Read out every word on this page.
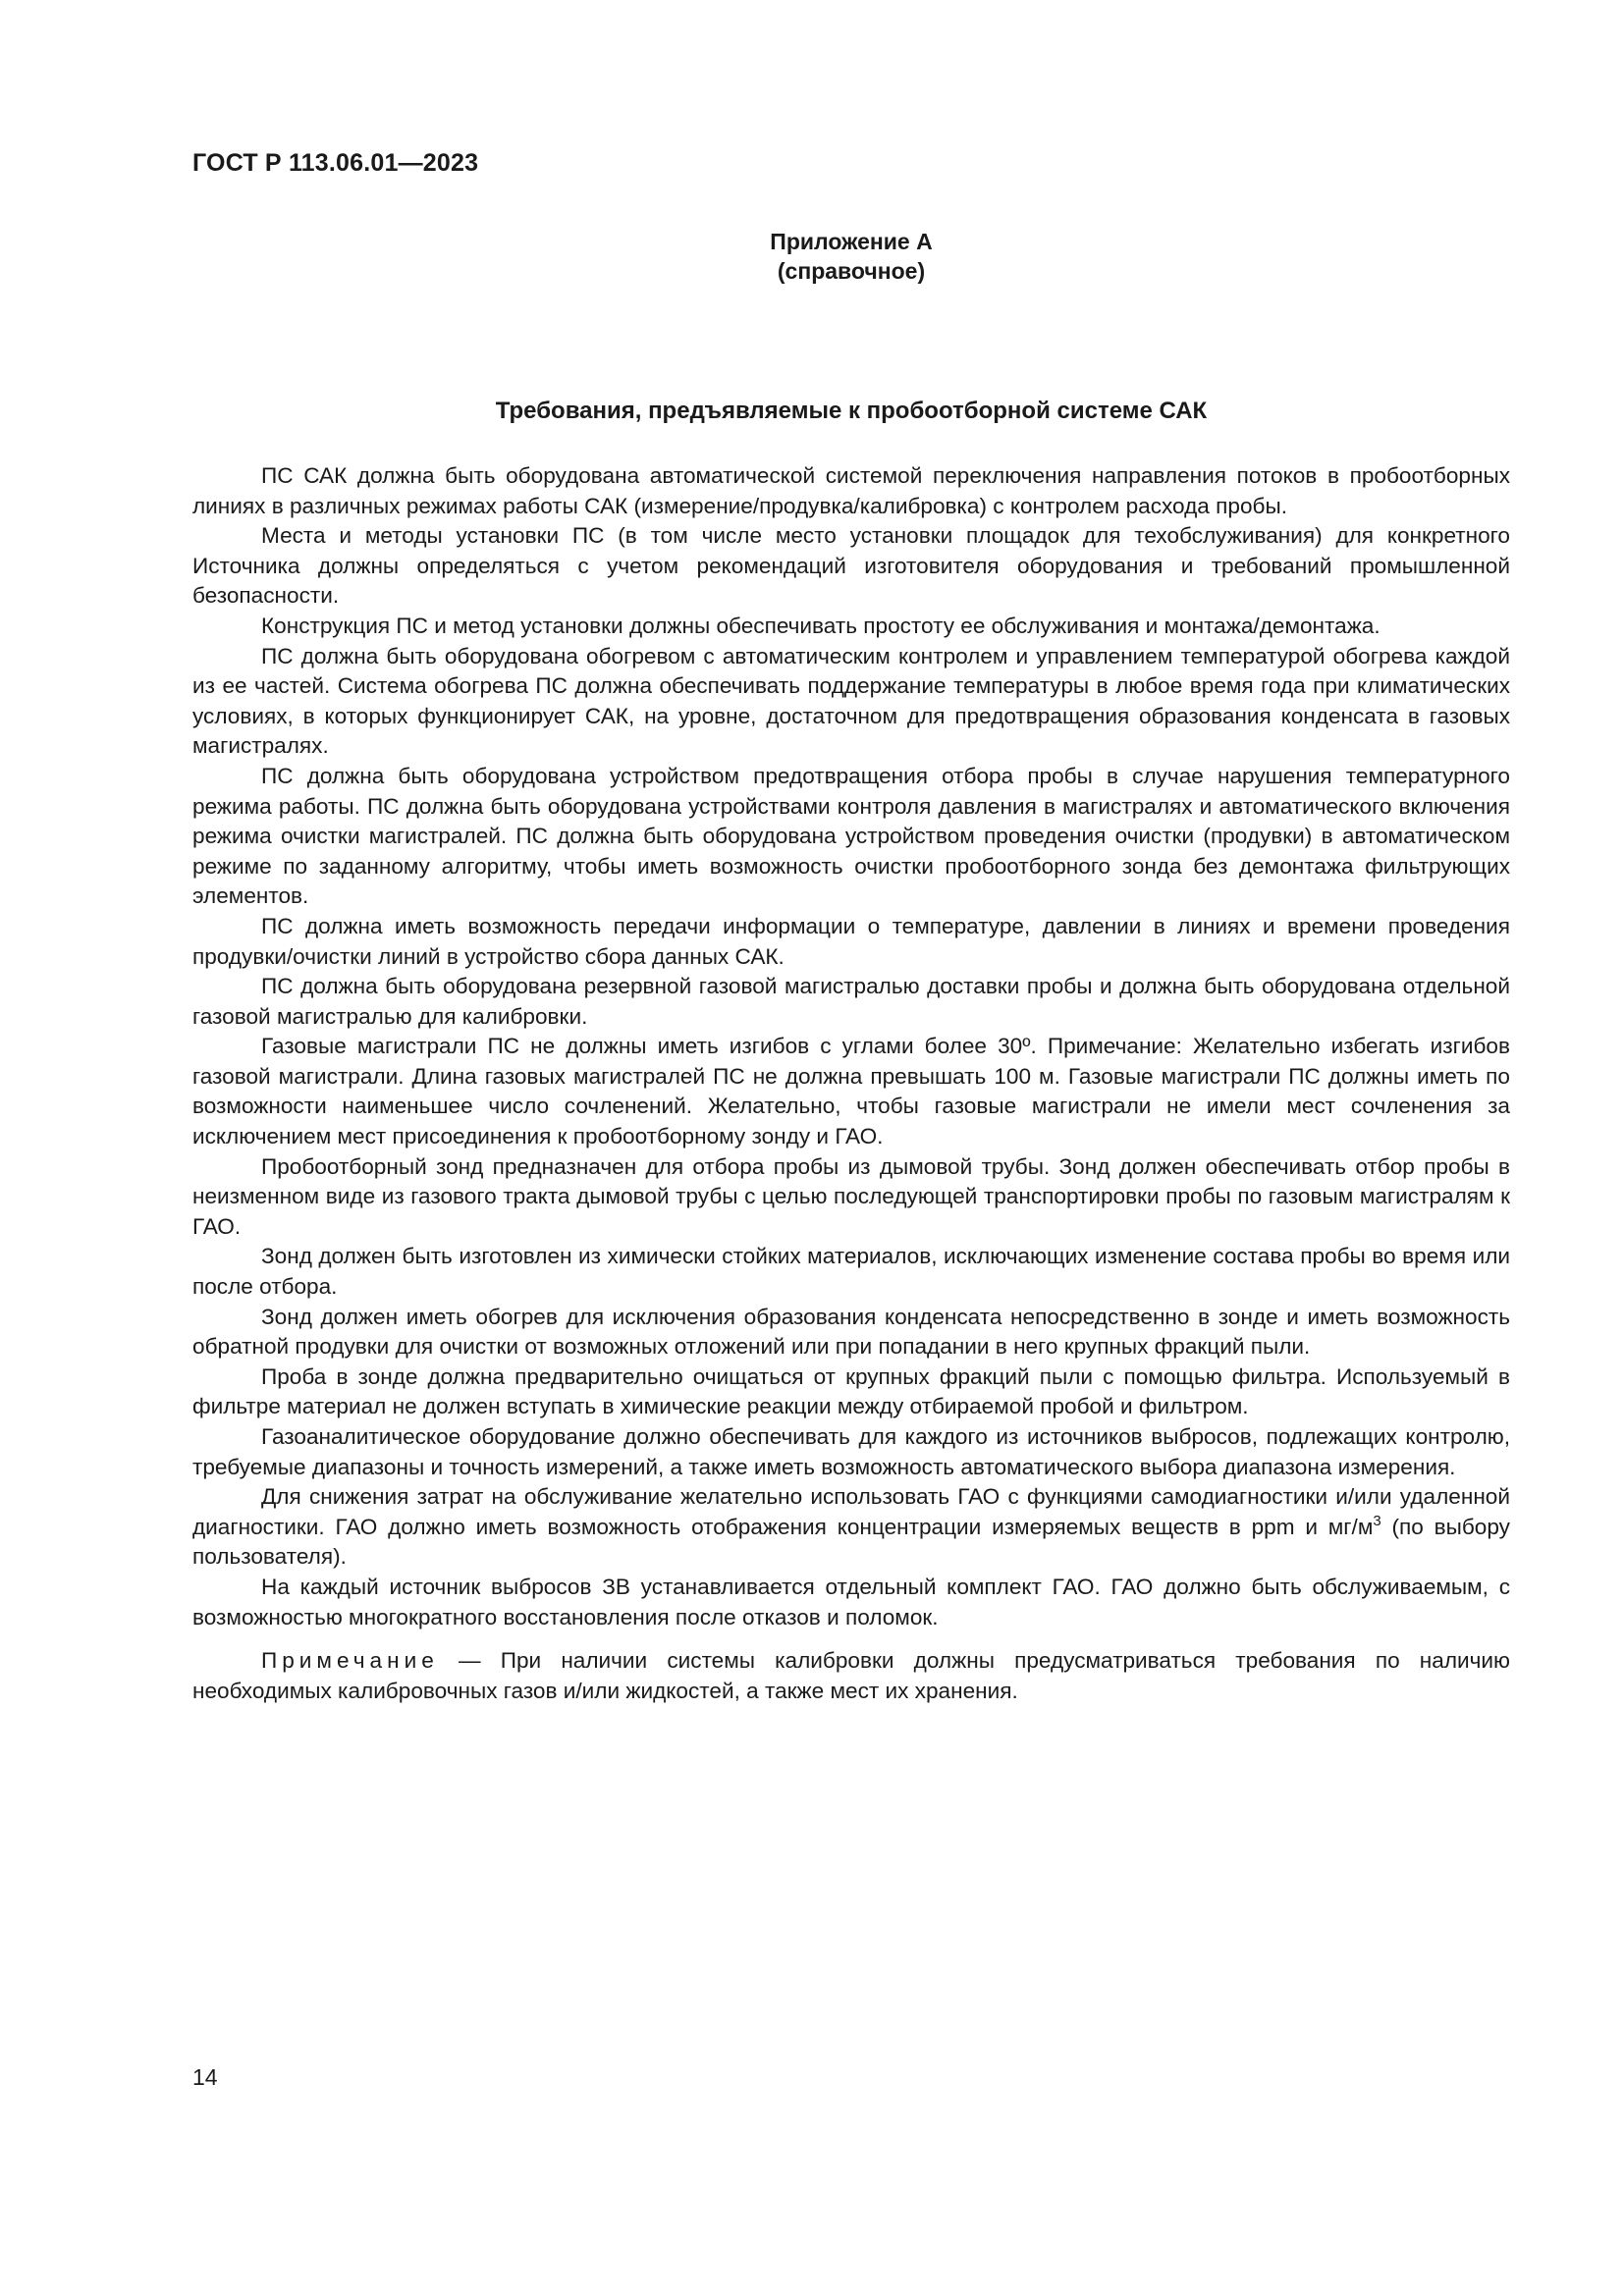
ГОСТ Р 113.06.01—2023
Приложение А
(справочное)
Требования, предъявляемые к пробоотборной системе САК

ПС САК должна быть оборудована автоматической системой переключения направления потоков в пробоотборных линиях в различных режимах работы САК (измерение/продувка/калибровка) с контролем расхода пробы.

Места и методы установки ПС (в том числе место установки площадок для техобслуживания) для конкретного Источника должны определяться с учетом рекомендаций изготовителя оборудования и требований промышленной безопасности.

Конструкция ПС и метод установки должны обеспечивать простоту ее обслуживания и монтажа/демонтажа.

ПС должна быть оборудована обогревом с автоматическим контролем и управлением температурой обогрева каждой из ее частей. Система обогрева ПС должна обеспечивать поддержание температуры в любое время года при климатических условиях, в которых функционирует САК, на уровне, достаточном для предотвращения образования конденсата в газовых магистралях.

ПС должна быть оборудована устройством предотвращения отбора пробы в случае нарушения температурного режима работы. ПС должна быть оборудована устройствами контроля давления в магистралях и автоматического включения режима очистки магистралей. ПС должна быть оборудована устройством проведения очистки (продувки) в автоматическом режиме по заданному алгоритму, чтобы иметь возможность очистки пробоотборного зонда без демонтажа фильтрующих элементов.

ПС должна иметь возможность передачи информации о температуре, давлении в линиях и времени проведения продувки/очистки линий в устройство сбора данных САК.

ПС должна быть оборудована резервной газовой магистралью доставки пробы и должна быть оборудована отдельной газовой магистралью для калибровки.

Газовые магистрали ПС не должны иметь изгибов с углами более 30º. Примечание: Желательно избегать изгибов газовой магистрали. Длина газовых магистралей ПС не должна превышать 100 м. Газовые магистрали ПС должны иметь по возможности наименьшее число сочленений. Желательно, чтобы газовые магистрали не имели мест сочленения за исключением мест присоединения к пробоотборному зонду и ГАО.

Пробоотборный зонд предназначен для отбора пробы из дымовой трубы. Зонд должен обеспечивать отбор пробы в неизменном виде из газового тракта дымовой трубы с целью последующей транспортировки пробы по газовым магистралям к ГАО.

Зонд должен быть изготовлен из химически стойких материалов, исключающих изменение состава пробы во время или после отбора.

Зонд должен иметь обогрев для исключения образования конденсата непосредственно в зонде и иметь возможность обратной продувки для очистки от возможных отложений или при попадании в него крупных фракций пыли.

Проба в зонде должна предварительно очищаться от крупных фракций пыли с помощью фильтра. Используемый в фильтре материал не должен вступать в химические реакции между отбираемой пробой и фильтром.

Газоаналитическое оборудование должно обеспечивать для каждого из источников выбросов, подлежащих контролю, требуемые диапазоны и точность измерений, а также иметь возможность автоматического выбора диапазона измерения.

Для снижения затрат на обслуживание желательно использовать ГАО с функциями самодиагностики и/или удаленной диагностики. ГАО должно иметь возможность отображения концентрации измеряемых веществ в ppm и $мг/м^3$ (по выбору пользователя).

На каждый источник выбросов ЗВ устанавливается отдельный комплект ГАО. ГАО должно быть обслуживаемым, с возможностью многократного восстановления после отказов и поломок.

Примечание — При наличии системы калибровки должны предусматриваться требования по наличию необходимых калибровочных газов и/или жидкостей, а также мест их хранения.

14
